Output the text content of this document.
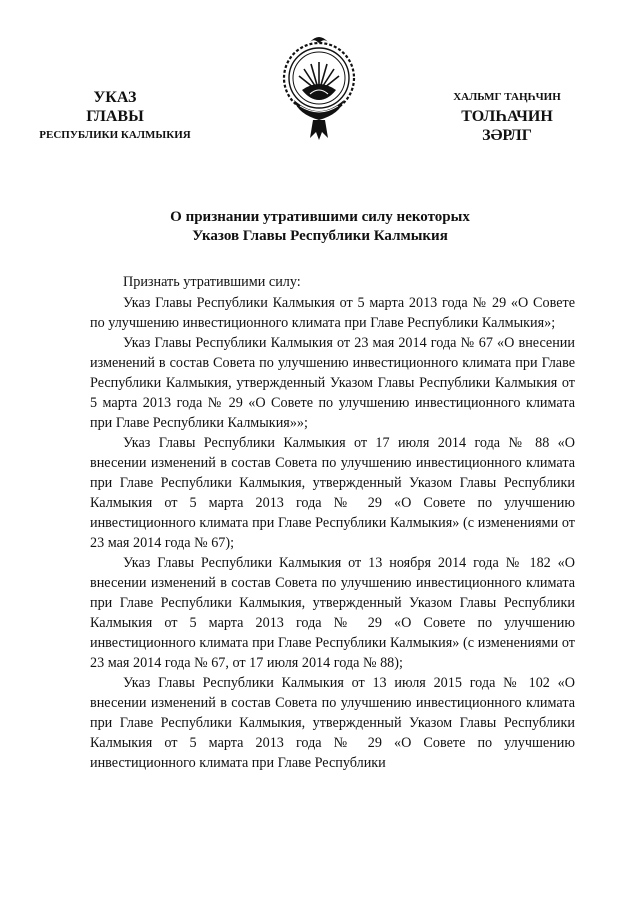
УКАЗ
ГЛАВЫ
РЕСПУБЛИКИ КАЛМЫКИЯ
ХАЛЬМГ ТАҢҺЧИН
ТОЛҺАЧИН
ЗӘРЛГ
О признании утратившими силу некоторых
Указов Главы Республики Калмыкия

Признать утратившими силу:

Указ Главы Республики Калмыкия от 5 марта 2013 года № 29 «О Совете по улучшению инвестиционного климата при Главе Республики Калмыкия»;

Указ Главы Республики Калмыкия от 23 мая 2014 года № 67 «О внесении изменений в состав Совета по улучшению инвестиционного климата при Главе Республики Калмыкия, утвержденный Указом Главы Республики Калмыкия от 5 марта 2013 года № 29 «О Совете по улучшению инвестиционного климата при Главе Республики Калмыкия»»;

Указ Главы Республики Калмыкия от 17 июля 2014 года № 88 «О внесении изменений в состав Совета по улучшению инвестиционного климата при Главе Республики Калмыкия, утвержденный Указом Главы Республики Калмыкия от 5 марта 2013 года № 29 «О Совете по улучшению инвестиционного климата при Главе Республики Калмыкия» (с изменениями от 23 мая 2014 года № 67);

Указ Главы Республики Калмыкия от 13 ноября 2014 года № 182 «О внесении изменений в состав Совета по улучшению инвестиционного климата при Главе Республики Калмыкия, утвержденный Указом Главы Республики Калмыкия от 5 марта 2013 года № 29 «О Совете по улучшению инвестиционного климата при Главе Республики Калмыкия» (с изменениями от 23 мая 2014 года № 67, от 17 июля 2014 года № 88);

Указ Главы Республики Калмыкия от 13 июля 2015 года № 102 «О внесении изменений в состав Совета по улучшению инвестиционного климата при Главе Республики Калмыкия, утвержденный Указом Главы Республики Калмыкия от 5 марта 2013 года № 29 «О Совете по улучшению инвестиционного климата при Главе Республики
